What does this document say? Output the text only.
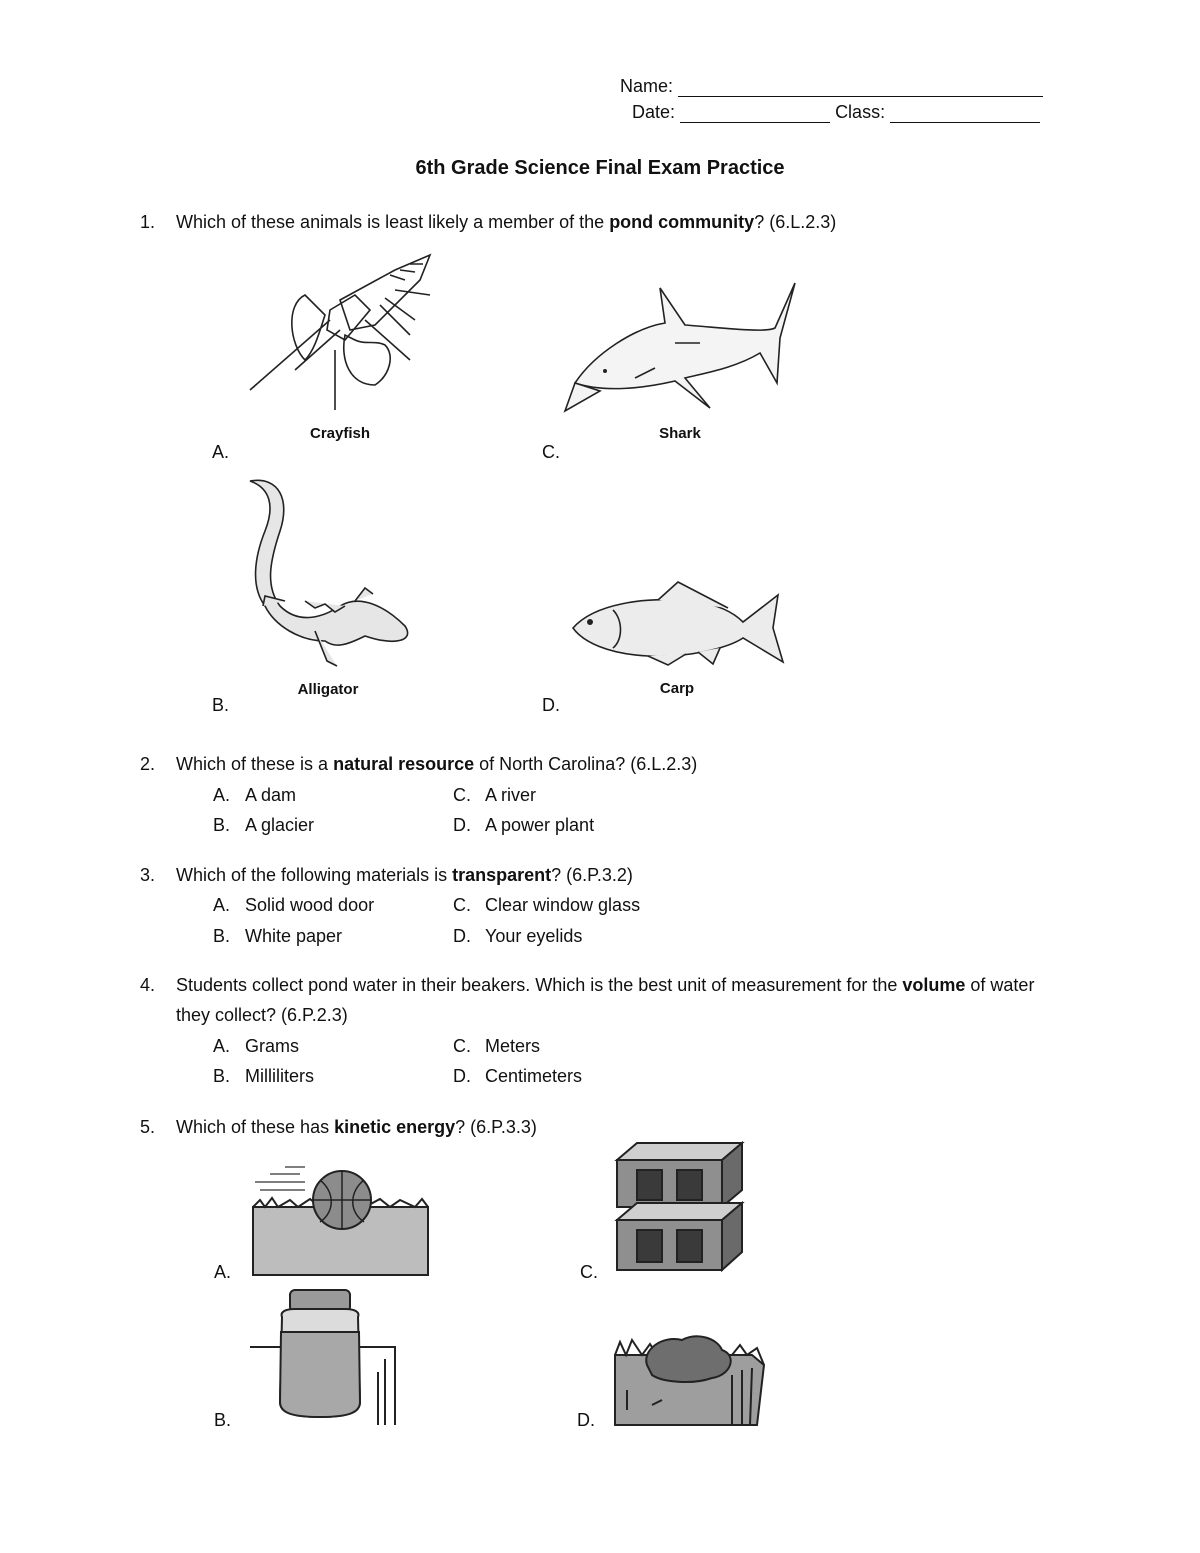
Name:
Date:	Class:
6th Grade Science Final Exam Practice
1.	Which of these animals is least likely a member of the pond community? (6.L.2.3)
Crayfish
A.
Shark
C.
Alligator
B.
Carp
D.
2.	Which of these is a natural resource of North Carolina? (6.L.2.3)
A. A dam
B. A glacier
C. A river
D. A power plant
3.	Which of the following materials is transparent? (6.P.3.2)
A. Solid wood door
B. White paper
C. Clear window glass
D. Your eyelids
4.	Students collect pond water in their beakers. Which is the best unit of measurement for the volume of water they collect? (6.P.2.3)
A. Grams
B. Milliliters
C. Meters
D. Centimeters
5.	Which of these has kinetic energy? (6.P.3.3)
A.	C.
B.	D.
